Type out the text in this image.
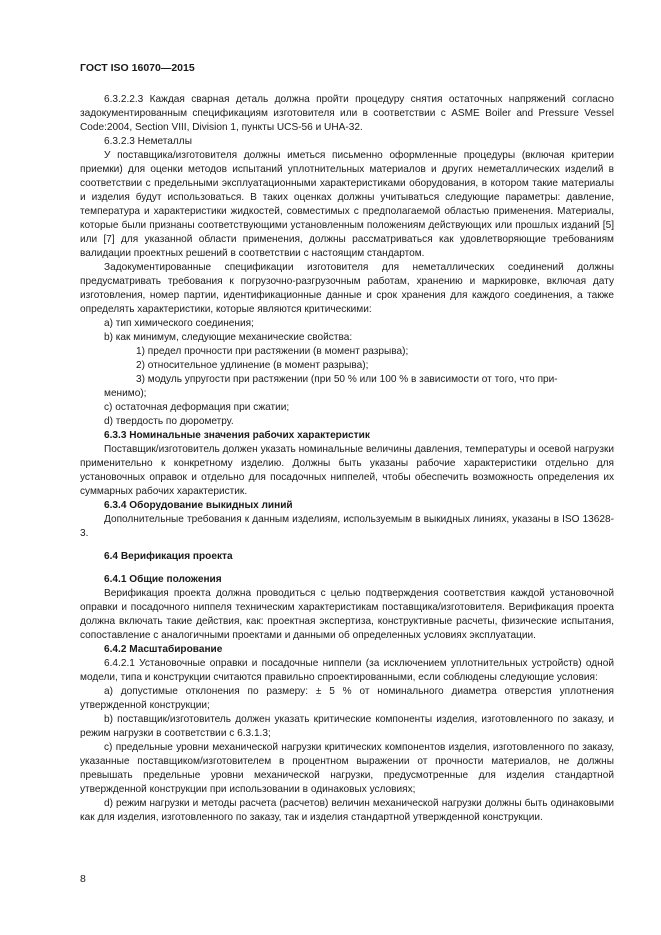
ГОСТ ISO 16070—2015

6.3.2.2.3 Каждая сварная деталь должна пройти процедуру снятия остаточных напряжений согласно задокументированным спецификациям изготовителя или в соответствии с ASME Boiler and Pressure Vessel Code:2004, Section VIII, Division 1, пункты UCS-56 и UHA-32.

6.3.2.3 Неметаллы

У поставщика/изготовителя должны иметься письменно оформленные процедуры (включая критерии приемки) для оценки методов испытаний уплотнительных материалов и других неметаллических изделий в соответствии с предельными эксплуатационными характеристиками оборудования, в котором такие материалы и изделия будут использоваться. В таких оценках должны учитываться следующие параметры: давление, температура и характеристики жидкостей, совместимых с предполагаемой областью применения. Материалы, которые были признаны соответствующими установленным положениям действующих или прошлых изданий [5] или [7] для указанной области применения, должны рассматриваться как удовлетворяющие требованиям валидации проектных решений в соответствии с настоящим стандартом.

Задокументированные спецификации изготовителя для неметаллических соединений должны предусматривать требования к погрузочно-разгрузочным работам, хранению и маркировке, включая дату изготовления, номер партии, идентификационные данные и срок хранения для каждого соединения, а также определять характеристики, которые являются критическими:

a) тип химического соединения;

b) как минимум, следующие механические свойства:

1) предел прочности при растяжении (в момент разрыва);

2) относительное удлинение (в момент разрыва);

3) модуль упругости при растяжении (при 50 % или 100 % в зависимости от того, что при-

менимо);

c) остаточная деформация при сжатии;

d) твердость по дюрометру.

6.3.3 Номинальные значения рабочих характеристик

Поставщик/изготовитель должен указать номинальные величины давления, температуры и осевой нагрузки применительно к конкретному изделию. Должны быть указаны рабочие характеристики отдельно для установочных оправок и отдельно для посадочных ниппелей, чтобы обеспечить возможность определения их суммарных рабочих характеристик.

6.3.4 Оборудование выкидных линий

Дополнительные требования к данным изделиям, используемым в выкидных линиях, указаны в ISO 13628-3.

6.4 Верификация проекта

6.4.1 Общие положения

Верификация проекта должна проводиться с целью подтверждения соответствия каждой установочной оправки и посадочного ниппеля техническим характеристикам поставщика/изготовителя. Верификация проекта должна включать такие действия, как: проектная экспертиза, конструктивные расчеты, физические испытания, сопоставление с аналогичными проектами и данными об определенных условиях эксплуатации.

6.4.2 Масштабирование

6.4.2.1 Установочные оправки и посадочные ниппели (за исключением уплотнительных устройств) одной модели, типа и конструкции считаются правильно спроектированными, если соблюдены следующие условия:

a) допустимые отклонения по размеру: ± 5 % от номинального диаметра отверстия уплотнения утвержденной конструкции;

b) поставщик/изготовитель должен указать критические компоненты изделия, изготовленного по заказу, и режим нагрузки в соответствии с 6.3.1.3;

c) предельные уровни механической нагрузки критических компонентов изделия, изготовленного по заказу, указанные поставщиком/изготовителем в процентном выражении от прочности материалов, не должны превышать предельные уровни механической нагрузки, предусмотренные для изделия стандартной утвержденной конструкции при использовании в одинаковых условиях;

d) режим нагрузки и методы расчета (расчетов) величин механической нагрузки должны быть одинаковыми как для изделия, изготовленного по заказу, так и изделия стандартной утвержденной конструкции.

8
